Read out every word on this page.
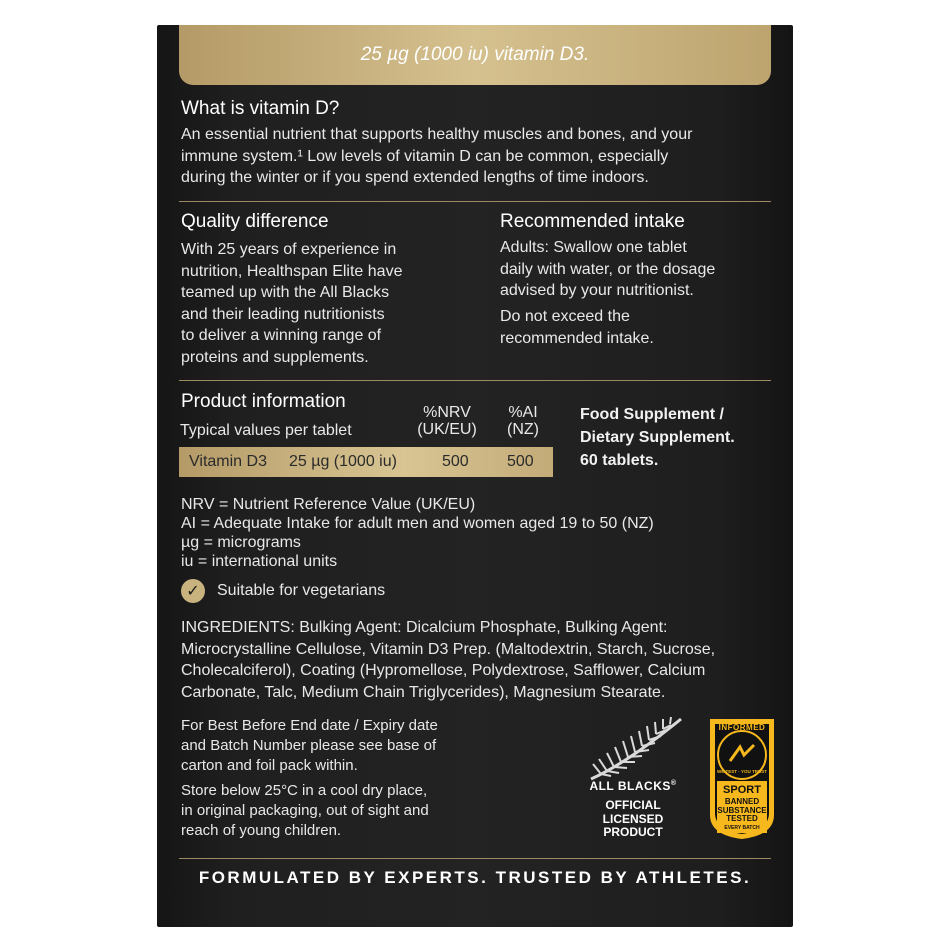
25 µg (1000 iu) vitamin D3.
What is vitamin D?

An essential nutrient that supports healthy muscles and bones, and your

immune system.¹ Low levels of vitamin D can be common, especially

during the winter or if you spend extended lengths of time indoors.

Quality difference

With 25 years of experience in

nutrition, Healthspan Elite have

teamed up with the All Blacks

and their leading nutritionists

to deliver a winning range of

proteins and supplements.

Recommended intake

Adults: Swallow one tablet

daily with water, or the dosage

advised by your nutritionist.

Do not exceed the

recommended intake.

Product information
Typical values per tablet

%NRV

(UK/EU)

%AI

(NZ)

Vitamin D3 25 µg (1000 iu)	500 500
Food Supplement /
Dietary Supplement.
60 tablets.

NRV = Nutrient Reference Value (UK/EU)

AI = Adequate Intake for adult men and women aged 19 to 50 (NZ)

µg = micrograms

iu = international units

✓	Suitable for vegetarians

INGREDIENTS: Bulking Agent: Dicalcium Phosphate, Bulking Agent:

Microcrystalline Cellulose, Vitamin D3 Prep. (Maltodextrin, Starch, Sucrose,

Cholecalciferol), Coating (Hypromellose, Polydextrose, Safflower, Calcium

Carbonate, Talc, Medium Chain Triglycerides), Magnesium Stearate.

For Best Before End date / Expiry date

and Batch Number please see base of

carton and foil pack within.

Store below 25°C in a cool dry place,

in original packaging, out of sight and

reach of young children.

ALL BLACKS®
OFFICIAL
LICENSED
PRODUCT
INFORMED
WE TEST · YOU TRUST
SPORT
BANNED
SUBSTANCE
TESTED
EVERY BATCH
FORMULATED BY EXPERTS. TRUSTED BY ATHLETES.
